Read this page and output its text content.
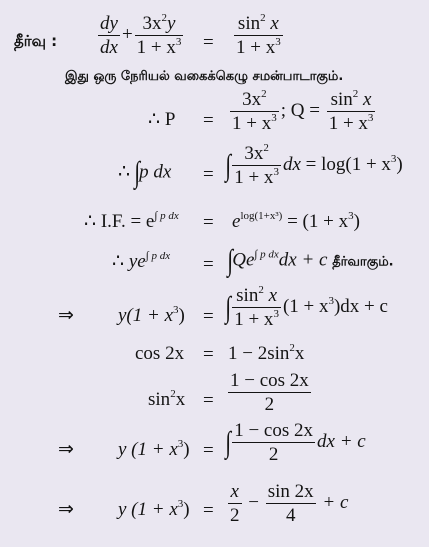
தீர்வு : $\frac{dy}{dx} + \frac{3x^2y}{1 + x^3} = \frac{\sin^2 x}{1 + x^3}$
இது ஒரு நேரியல் வகைக்கெழு சமன்பாடாகும்.
∴ $P = \frac{3x^2}{1 + x^3}$ ; $Q = \frac{\sin^2 x}{1 + x^3}$
∴ ∫p dx = ∫ $\frac{3x^2}{1 + x^3}$ dx = $\log(1 + x^3)$
∴ I.F. = $e^{\int p dx} = e^{log(1+x^3)} = (1 + x^3)$
∴ $ye^{\int p dx} = \int Qe^{\int p dx}dx + c$ தீர்வாகும்.
⇒ $y(1 + x^3)$ = ∫ $\frac{\sin^2 x}{1 + x^3} (1 + x^3)dx + c$
$\cos 2x = 1 - 2\sin^2x$
$\sin^2x = \frac{1 - \cos 2x}{2}$
⇒ y $(1 + x^3)$ = ∫ $\frac{1 - \cos 2x}{2}$ dx + c
⇒ y $(1 + x^3) = \frac{x}{2} - \frac{\sin 2x}{4} + c$
